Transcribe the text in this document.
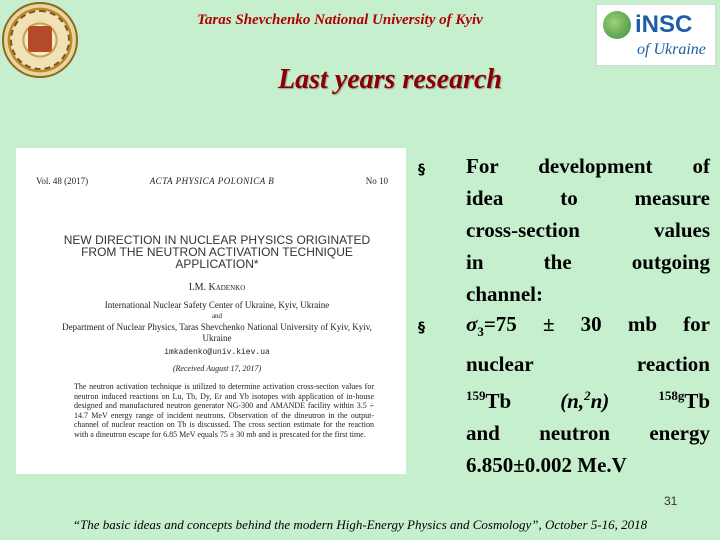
Taras Shevchenko National University of Kyiv	iNSC
of Ukraine
Last years research
Vol. 48 (2017)	ACTA PHYSICA POLONICA B	No 10
NEW DIRECTION IN NUCLEAR PHYSICS ORIGINATED FROM THE NEUTRON ACTIVATION TECHNIQUE APPLICATION*
I.M. Kadenko
International Nuclear Safety Center of Ukraine, Kyiv, Ukraine
and
Department of Nuclear Physics, Taras Shevchenko National University of Kyiv, Kyiv, Ukraine
imkadenko@univ.kiev.ua
(Received August 17, 2017)
The neutron activation technique is utilized to determine activation cross-section values for neutron induced reactions on Lu, Tb, Dy, Er and Yb isotopes with application of in-house designed and manufactured neutron generator NG-300 and AMANDE facility within 3.5 ÷ 14.7 MeV energy range of incident neutrons. Observation of the dineutron in the output-channel of nuclear reaction on Tb is discussed. The cross section estimate for the reaction with a dineutron escape for 6.85 MeV equals 75 ± 30 mb and is prescated for the first time.
§ For development of
idea to measure
cross-section values
in the outgoing
channel:
§ $\sigma_3=75 \pm 30$ mb for
nuclear reaction
$^{159}$Tb (n,$^2$n)	$^{158g}$Tb
and neutron energy
6.850±0.002 Me.V
31
“The basic ideas and concepts behind the modern High-Energy Physics and Cosmology”, October 5-16, 2018
